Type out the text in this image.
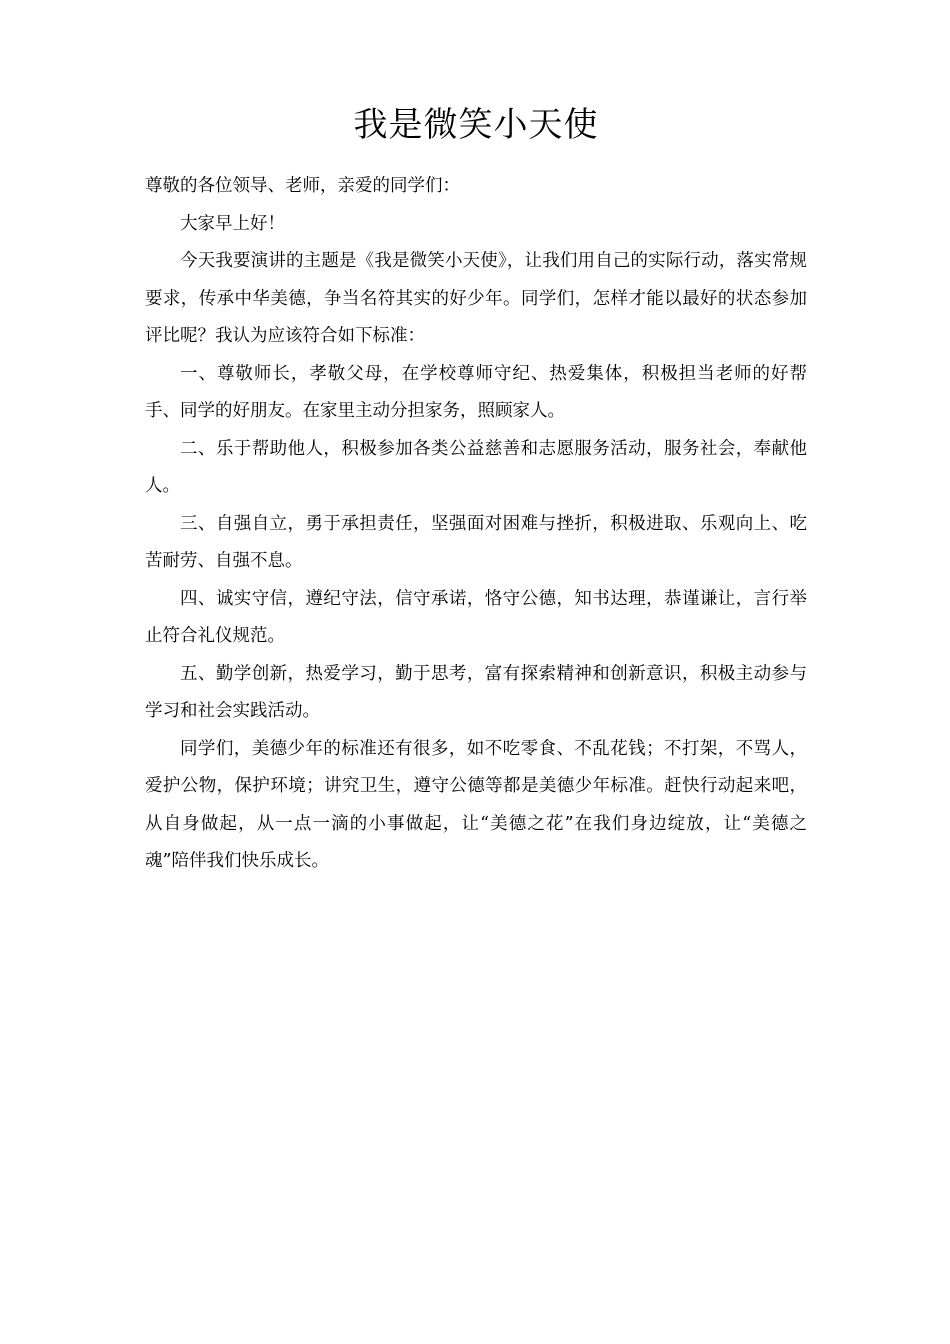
我是微笑小天使

尊敬的各位领导、老师，亲爱的同学们：

大家早上好！

今天我要演讲的主题是《我是微笑小天使》，让我们用自己的实际行动，落实常规要求，传承中华美德，争当名符其实的好少年。同学们，怎样才能以最好的状态参加评比呢？我认为应该符合如下标准：

一、尊敬师长，孝敬父母，在学校尊师守纪、热爱集体，积极担当老师的好帮手、同学的好朋友。在家里主动分担家务，照顾家人。

二、乐于帮助他人，积极参加各类公益慈善和志愿服务活动，服务社会，奉献他人。

三、自强自立，勇于承担责任，坚强面对困难与挫折，积极进取、乐观向上、吃苦耐劳、自强不息。

四、诚实守信，遵纪守法，信守承诺，恪守公德，知书达理，恭谨谦让，言行举止符合礼仪规范。

五、勤学创新，热爱学习，勤于思考，富有探索精神和创新意识，积极主动参与学习和社会实践活动。

同学们，美德少年的标准还有很多，如不吃零食、不乱花钱；不打架，不骂人，爱护公物，保护环境；讲究卫生，遵守公德等都是美德少年标准。赶快行动起来吧，从自身做起，从一点一滴的小事做起，让“美德之花”在我们身边绽放，让“美德之魂”陪伴我们快乐成长。
